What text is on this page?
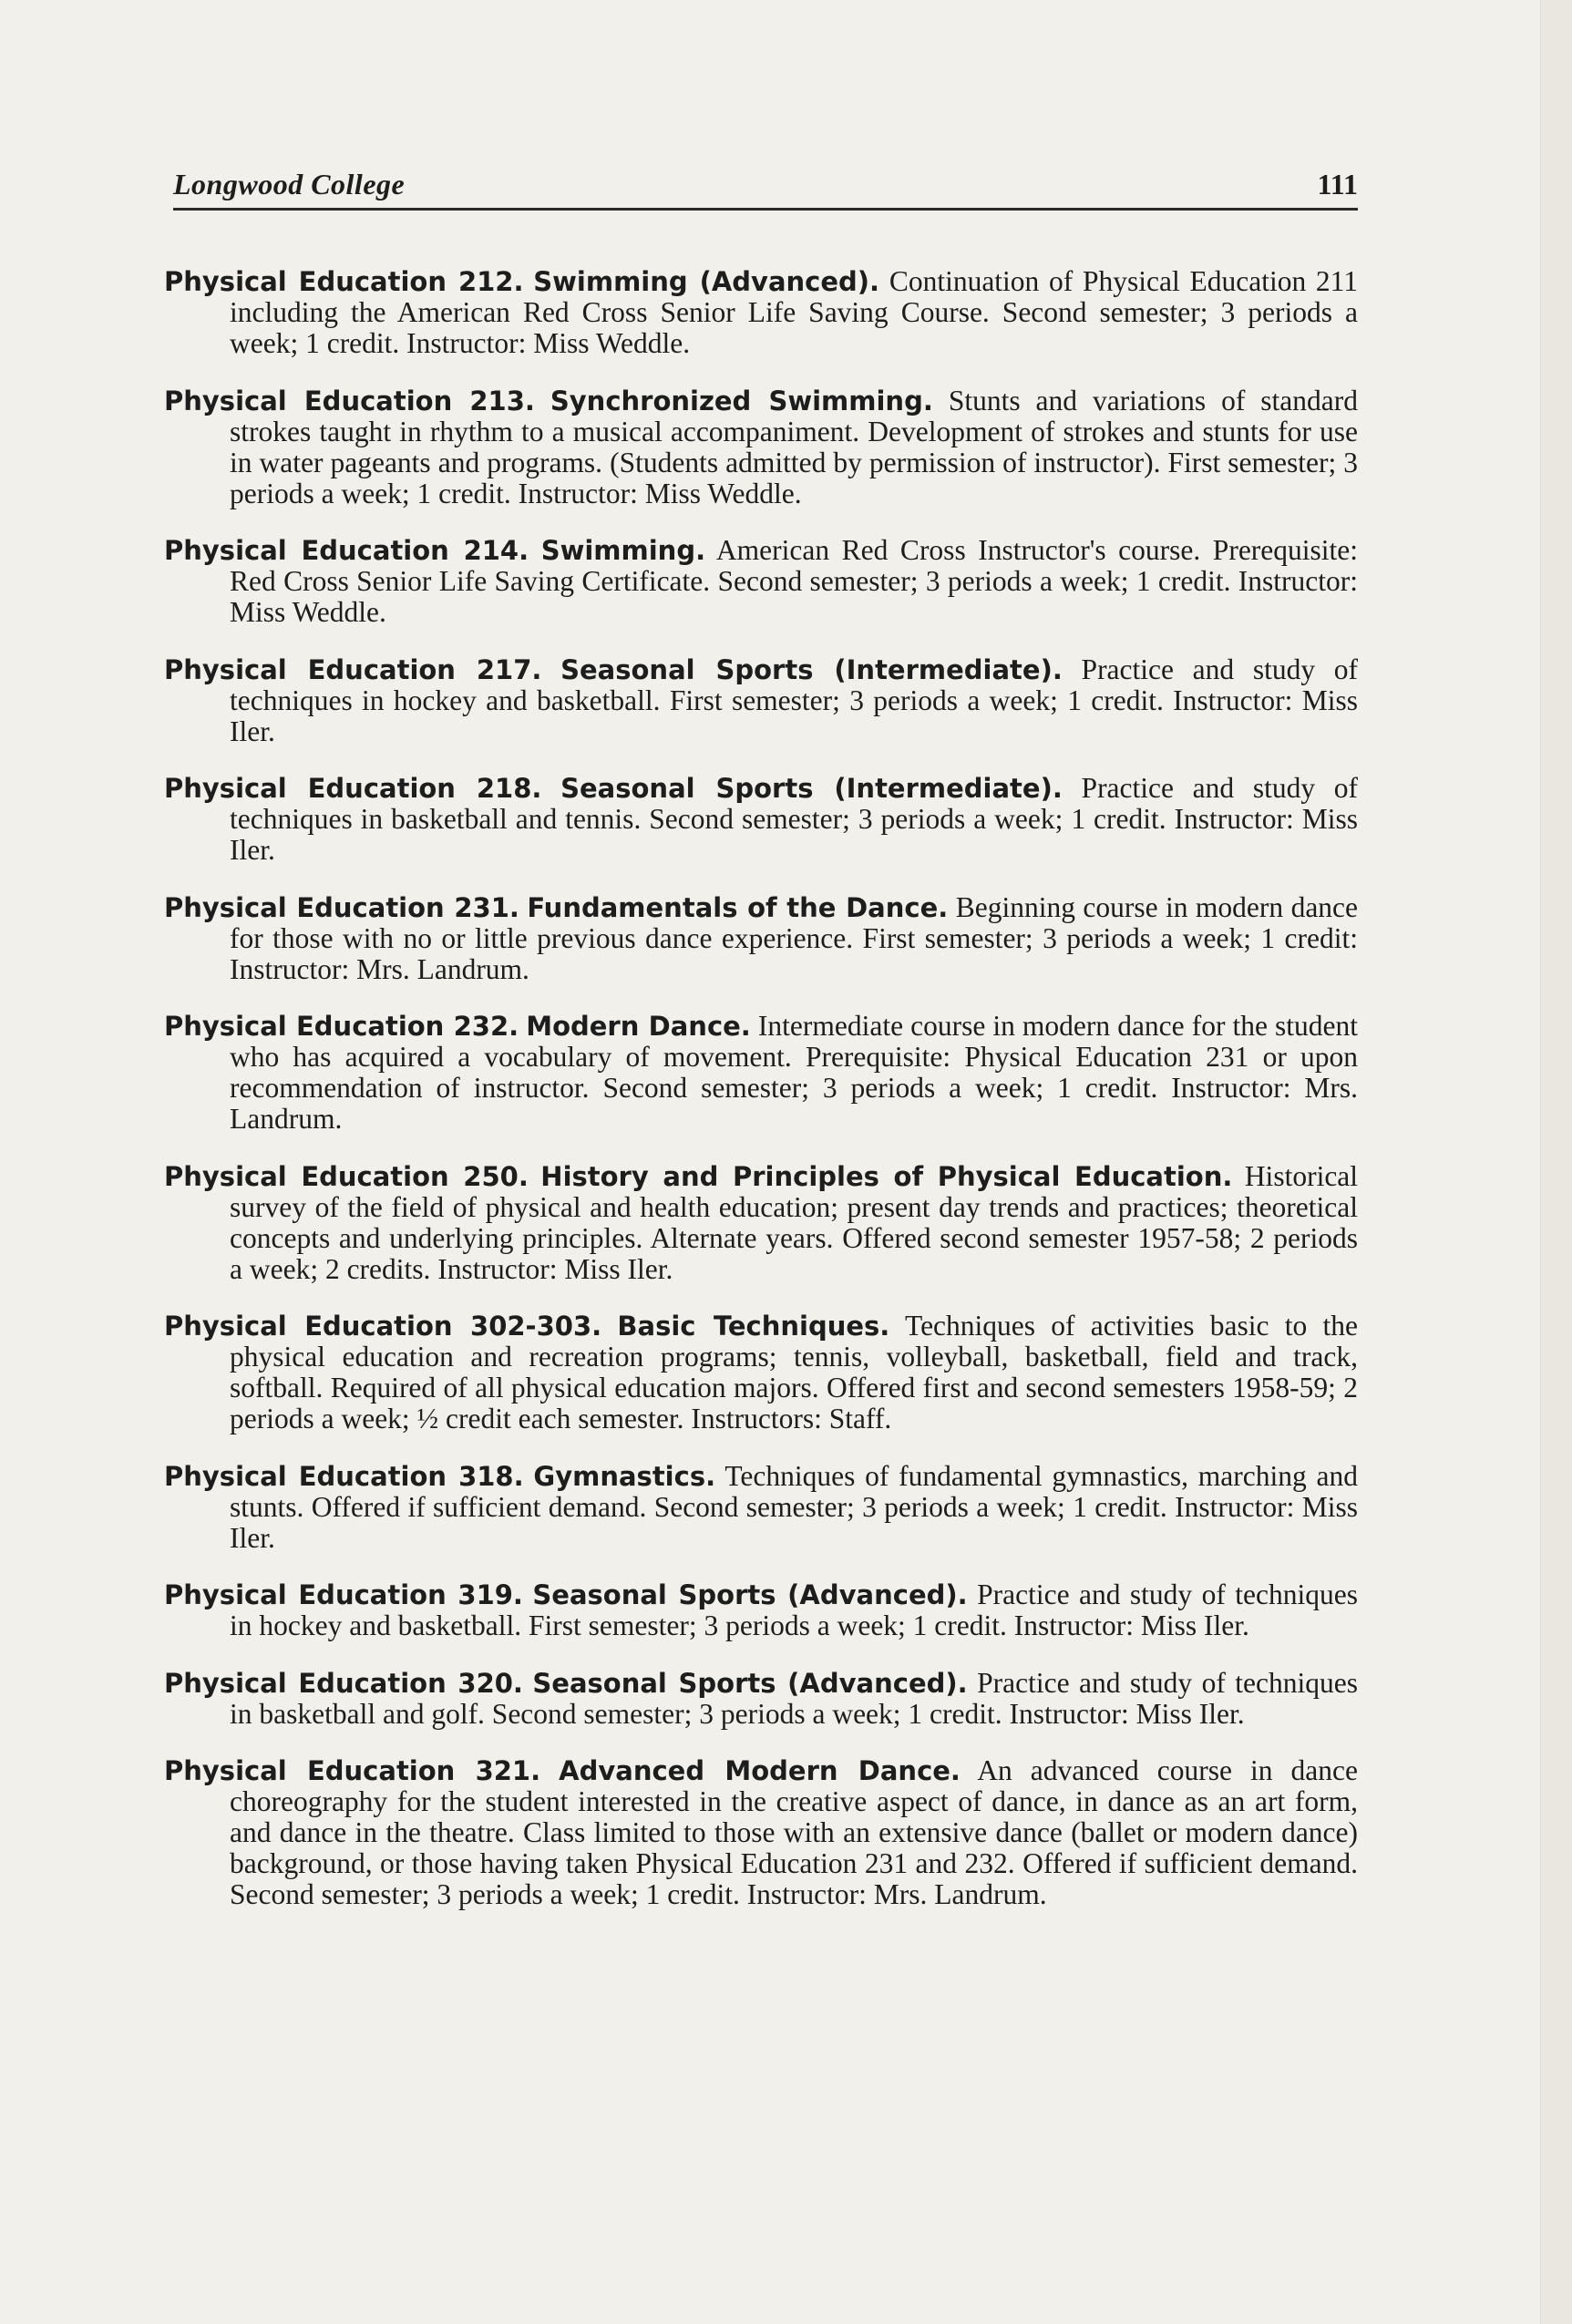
Longwood College	111

Physical Education 212. Swimming (Advanced). Continuation of Physical Education 211 including the American Red Cross Senior Life Saving Course. Second semester; 3 periods a week; 1 credit. Instructor: Miss Weddle.

Physical Education 213. Synchronized Swimming. Stunts and variations of standard strokes taught in rhythm to a musical accompaniment. Development of strokes and stunts for use in water pageants and programs. (Students admitted by permission of instructor). First semester; 3 periods a week; 1 credit. Instructor: Miss Weddle.

Physical Education 214. Swimming. American Red Cross Instructor's course. Prerequisite: Red Cross Senior Life Saving Certificate. Second semester; 3 periods a week; 1 credit. Instructor: Miss Weddle.

Physical Education 217. Seasonal Sports (Intermediate). Practice and study of techniques in hockey and basketball. First semester; 3 periods a week; 1 credit. Instructor: Miss Iler.

Physical Education 218. Seasonal Sports (Intermediate). Practice and study of techniques in basketball and tennis. Second semester; 3 periods a week; 1 credit. Instructor: Miss Iler.

Physical Education 231. Fundamentals of the Dance. Beginning course in modern dance for those with no or little previous dance experience. First semester; 3 periods a week; 1 credit: Instructor: Mrs. Landrum.

Physical Education 232. Modern Dance. Intermediate course in modern dance for the student who has acquired a vocabulary of movement. Prerequisite: Physical Education 231 or upon recommendation of instructor. Second semester; 3 periods a week; 1 credit. Instructor: Mrs. Landrum.

Physical Education 250. History and Principles of Physical Education. Historical survey of the field of physical and health education; present day trends and practices; theoretical concepts and underlying principles. Alternate years. Offered second semester 1957-58; 2 periods a week; 2 credits. Instructor: Miss Iler.

Physical Education 302-303. Basic Techniques. Techniques of activities basic to the physical education and recreation programs; tennis, volleyball, basketball, field and track, softball. Required of all physical education majors. Offered first and second semesters 1958-59; 2 periods a week; ½ credit each semester. Instructors: Staff.

Physical Education 318. Gymnastics. Techniques of fundamental gymnastics, marching and stunts. Offered if sufficient demand. Second semester; 3 periods a week; 1 credit. Instructor: Miss Iler.

Physical Education 319. Seasonal Sports (Advanced). Practice and study of techniques in hockey and basketball. First semester; 3 periods a week; 1 credit. Instructor: Miss Iler.

Physical Education 320. Seasonal Sports (Advanced). Practice and study of techniques in basketball and golf. Second semester; 3 periods a week; 1 credit. Instructor: Miss Iler.

Physical Education 321. Advanced Modern Dance. An advanced course in dance choreography for the student interested in the creative aspect of dance, in dance as an art form, and dance in the theatre. Class limited to those with an extensive dance (ballet or modern dance) background, or those having taken Physical Education 231 and 232. Offered if sufficient demand. Second semester; 3 periods a week; 1 credit. Instructor: Mrs. Landrum.
